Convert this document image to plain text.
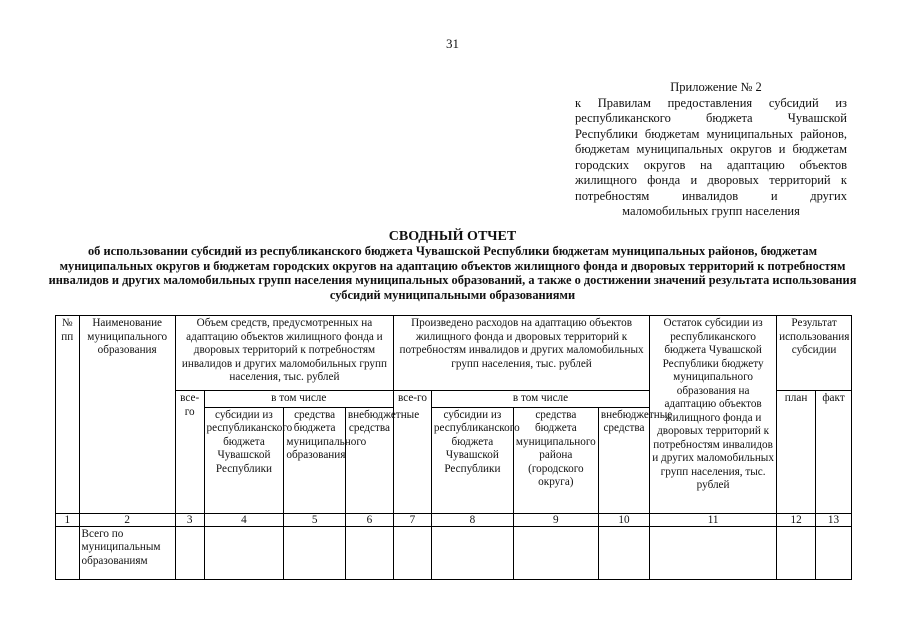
31
Приложение № 2
к Правилам предоставления субсидий из республиканского бюджета Чувашской Республики бюджетам муниципальных районов, бюджетам муниципальных округов и бюджетам городских округов на адаптацию объектов жилищного фонда и дворовых территорий к потребностям инвалидов и других маломобильных групп населения
СВОДНЫЙ ОТЧЕТ
об использовании субсидий из республиканского бюджета Чувашской Республики бюджетам муниципальных районов, бюджетам муниципальных округов и бюджетам городских округов на адаптацию объектов жилищного фонда и дворовых территорий к потребностям инвалидов и других маломобильных групп населения муниципальных образований, а также о достижении значений результата использования субсидий муниципальными образованиями
№ пп	Наименование муниципального образования	Объем средств, предусмотренных на адаптацию объектов жилищного фонда и дворовых территорий к потребностям инвалидов и других маломобильных групп населения, тыс. рублей				Произведено расходов на адаптацию объектов жилищного фонда и дворовых территорий к потребностям инвалидов и других маломобильных групп населения, тыс. рублей				Остаток субсидии из республиканского бюджета Чувашской Республики бюджету муниципального образования на адаптацию объектов жилищного фонда и дворовых территорий к потребностям инвалидов и других маломобильных групп населения, тыс. рублей	Результат использования субсидии	
		все-го	в том числе			все-го	в том числе				план	факт
			субсидии из республиканского бюджета Чувашской Республики	средства бюджета муниципального образования	внебюджетные средства		субсидии из республиканского бюджета Чувашской Республики	средства бюджета муниципального района (городского округа)	внебюджетные средства			
1	2	3	4	5	6	7	8	9	10	11	12	13
	Всего по муниципальным образованиям											
